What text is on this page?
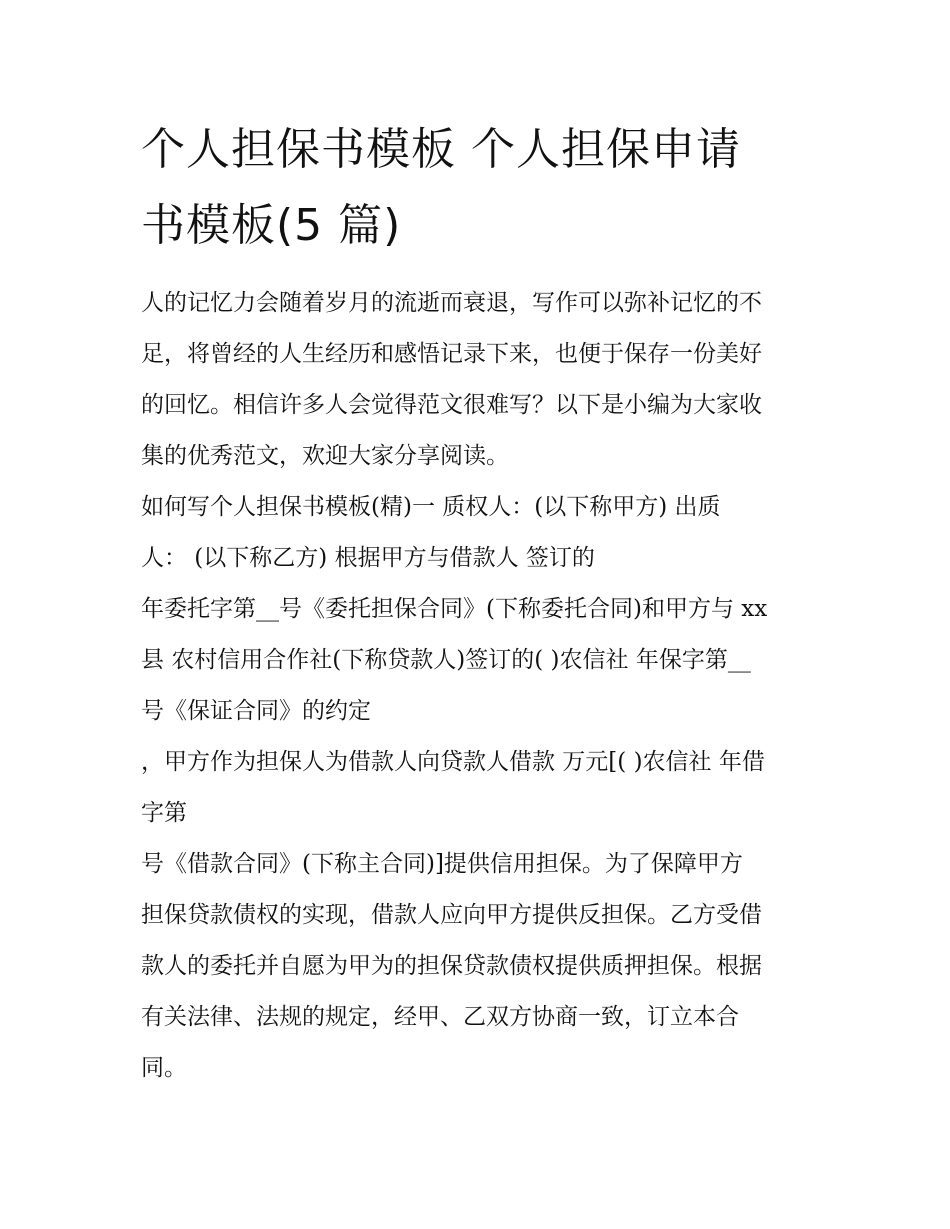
个人担保书模板 个人担保申请
书模板(5 篇)
人的记忆力会随着岁月的流逝而衰退，写作可以弥补记忆的不
足，将曾经的人生经历和感悟记录下来，也便于保存一份美好
的回忆。相信许多人会觉得范文很难写？以下是小编为大家收
集的优秀范文，欢迎大家分享阅读。
如何写个人担保书模板(精)一 质权人：(以下称甲方) 出质
人： (以下称乙方) 根据甲方与借款人 签订的
年委托字第__号《委托担保合同》(下称委托合同)和甲方与 xx
县 农村信用合作社(下称贷款人)签订的( )农信社 年保字第__
号《保证合同》的约定
，甲方作为担保人为借款人向贷款人借款 万元[( )农信社 年借
字第
号《借款合同》(下称主合同)]提供信用担保。为了保障甲方
担保贷款债权的实现，借款人应向甲方提供反担保。乙方受借
款人的委托并自愿为甲为的担保贷款债权提供质押担保。根据
有关法律、法规的规定，经甲、乙双方协商一致，订立本合
同。
